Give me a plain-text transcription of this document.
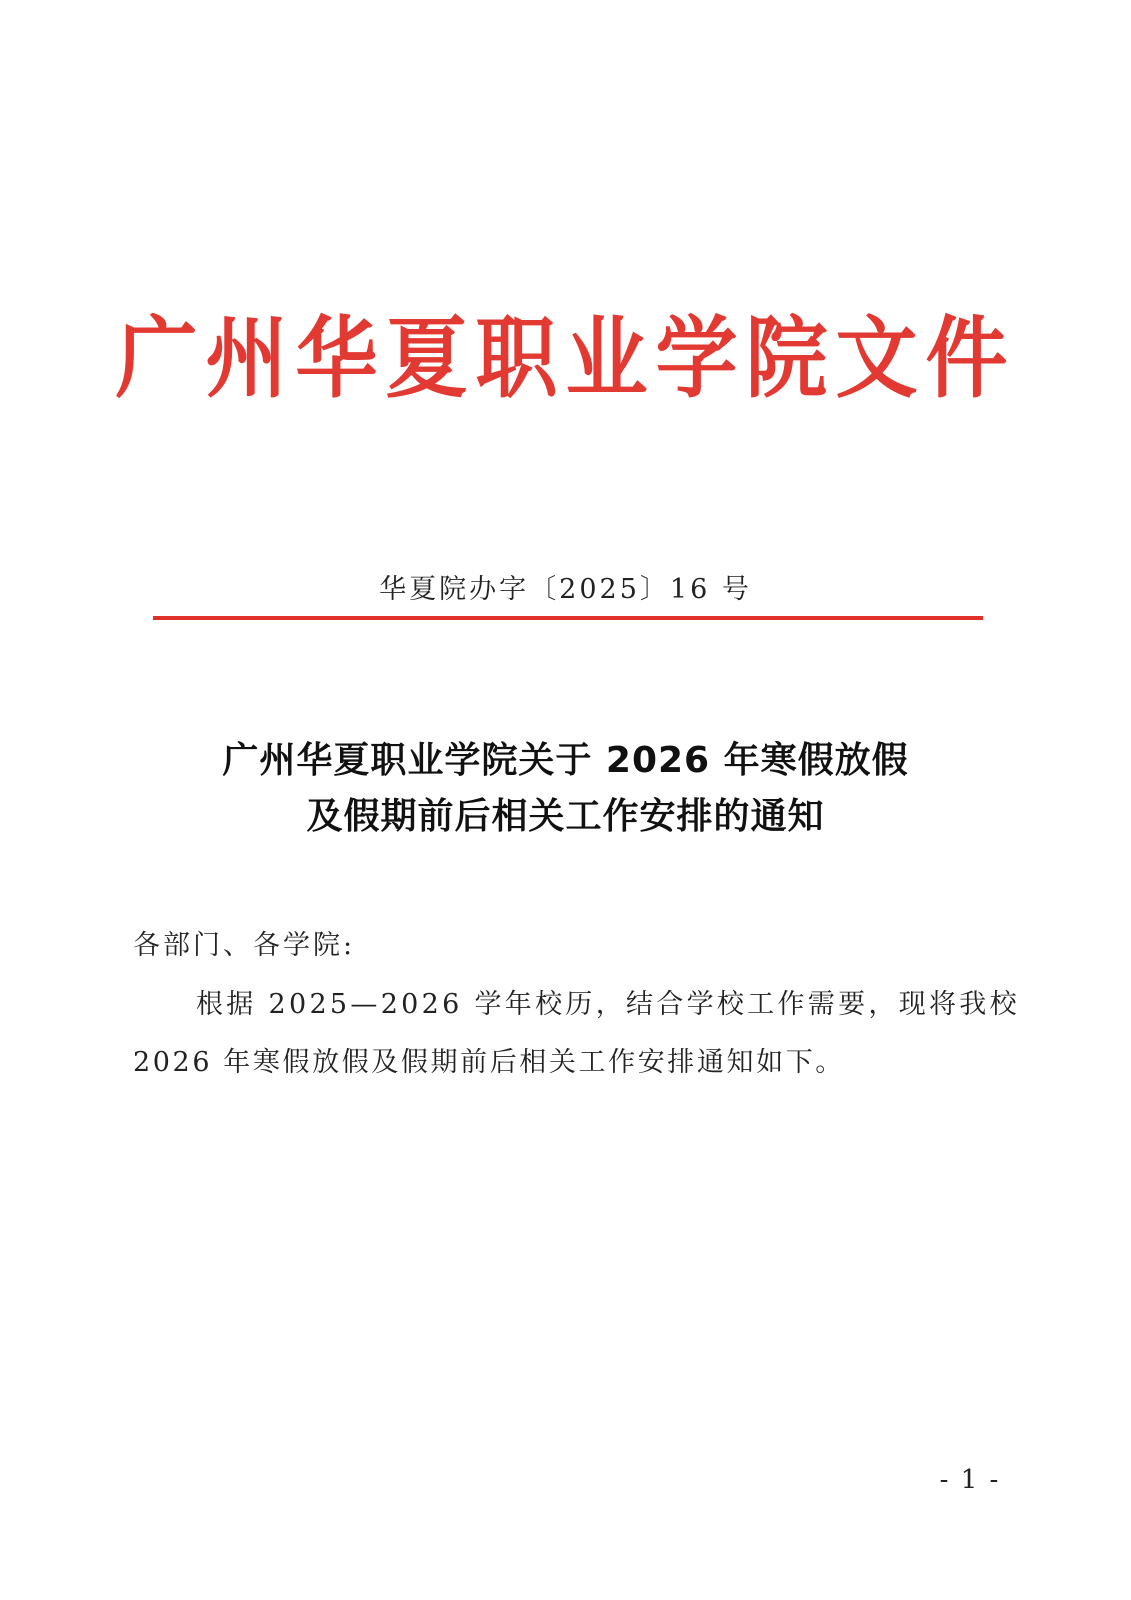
广州华夏职业学院文件
华夏院办字〔2025〕16 号
广州华夏职业学院关于 2026 年寒假放假
及假期前后相关工作安排的通知
各部门、各学院:
根据 2025—2026 学年校历，结合学校工作需要，现将我校
2026 年寒假放假及假期前后相关工作安排通知如下。
- 1 -
